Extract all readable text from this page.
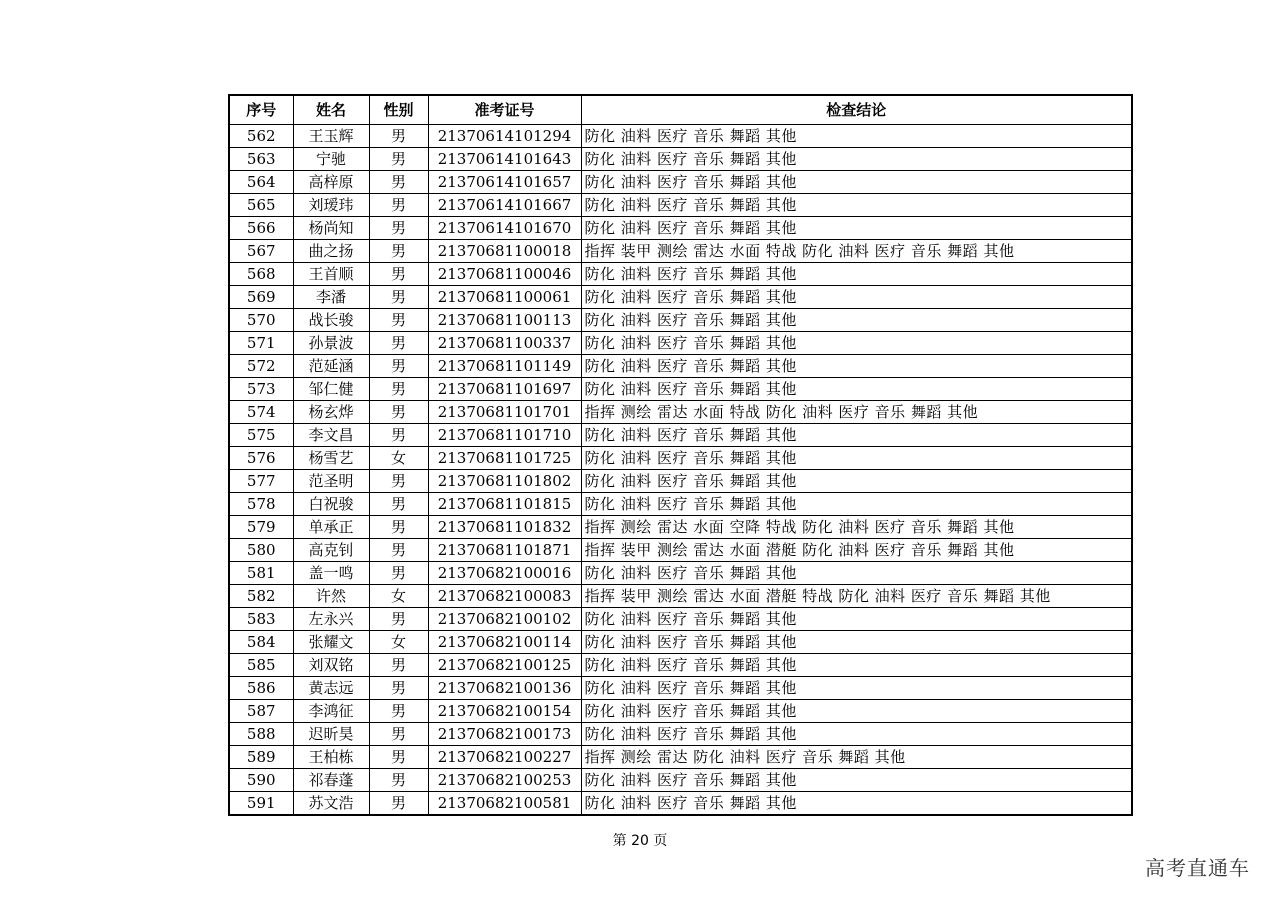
序号	姓名	性别	准考证号	检查结论
562	王玉辉	男	21370614101294	防化 油料 医疗 音乐 舞蹈 其他
563	宁驰	男	21370614101643	防化 油料 医疗 音乐 舞蹈 其他
564	高梓原	男	21370614101657	防化 油料 医疗 音乐 舞蹈 其他
565	刘瑷玮	男	21370614101667	防化 油料 医疗 音乐 舞蹈 其他
566	杨尚知	男	21370614101670	防化 油料 医疗 音乐 舞蹈 其他
567	曲之扬	男	21370681100018	指挥 装甲 测绘 雷达 水面 特战 防化 油料 医疗 音乐 舞蹈 其他
568	王首顺	男	21370681100046	防化 油料 医疗 音乐 舞蹈 其他
569	李潘	男	21370681100061	防化 油料 医疗 音乐 舞蹈 其他
570	战长骏	男	21370681100113	防化 油料 医疗 音乐 舞蹈 其他
571	孙景波	男	21370681100337	防化 油料 医疗 音乐 舞蹈 其他
572	范延涵	男	21370681101149	防化 油料 医疗 音乐 舞蹈 其他
573	邹仁健	男	21370681101697	防化 油料 医疗 音乐 舞蹈 其他
574	杨玄烨	男	21370681101701	指挥 测绘 雷达 水面 特战 防化 油料 医疗 音乐 舞蹈 其他
575	李文昌	男	21370681101710	防化 油料 医疗 音乐 舞蹈 其他
576	杨雪艺	女	21370681101725	防化 油料 医疗 音乐 舞蹈 其他
577	范圣明	男	21370681101802	防化 油料 医疗 音乐 舞蹈 其他
578	白祝骏	男	21370681101815	防化 油料 医疗 音乐 舞蹈 其他
579	单承正	男	21370681101832	指挥 测绘 雷达 水面 空降 特战 防化 油料 医疗 音乐 舞蹈 其他
580	高克钊	男	21370681101871	指挥 装甲 测绘 雷达 水面 潜艇 防化 油料 医疗 音乐 舞蹈 其他
581	盖一鸣	男	21370682100016	防化 油料 医疗 音乐 舞蹈 其他
582	许然	女	21370682100083	指挥 装甲 测绘 雷达 水面 潜艇 特战 防化 油料 医疗 音乐 舞蹈 其他
583	左永兴	男	21370682100102	防化 油料 医疗 音乐 舞蹈 其他
584	张耀文	女	21370682100114	防化 油料 医疗 音乐 舞蹈 其他
585	刘双铭	男	21370682100125	防化 油料 医疗 音乐 舞蹈 其他
586	黄志远	男	21370682100136	防化 油料 医疗 音乐 舞蹈 其他
587	李鸿征	男	21370682100154	防化 油料 医疗 音乐 舞蹈 其他
588	迟昕昊	男	21370682100173	防化 油料 医疗 音乐 舞蹈 其他
589	王柏栋	男	21370682100227	指挥 测绘 雷达 防化 油料 医疗 音乐 舞蹈 其他
590	祁春蓬	男	21370682100253	防化 油料 医疗 音乐 舞蹈 其他
591	苏文浩	男	21370682100581	防化 油料 医疗 音乐 舞蹈 其他
第 20 页
高考直通车
